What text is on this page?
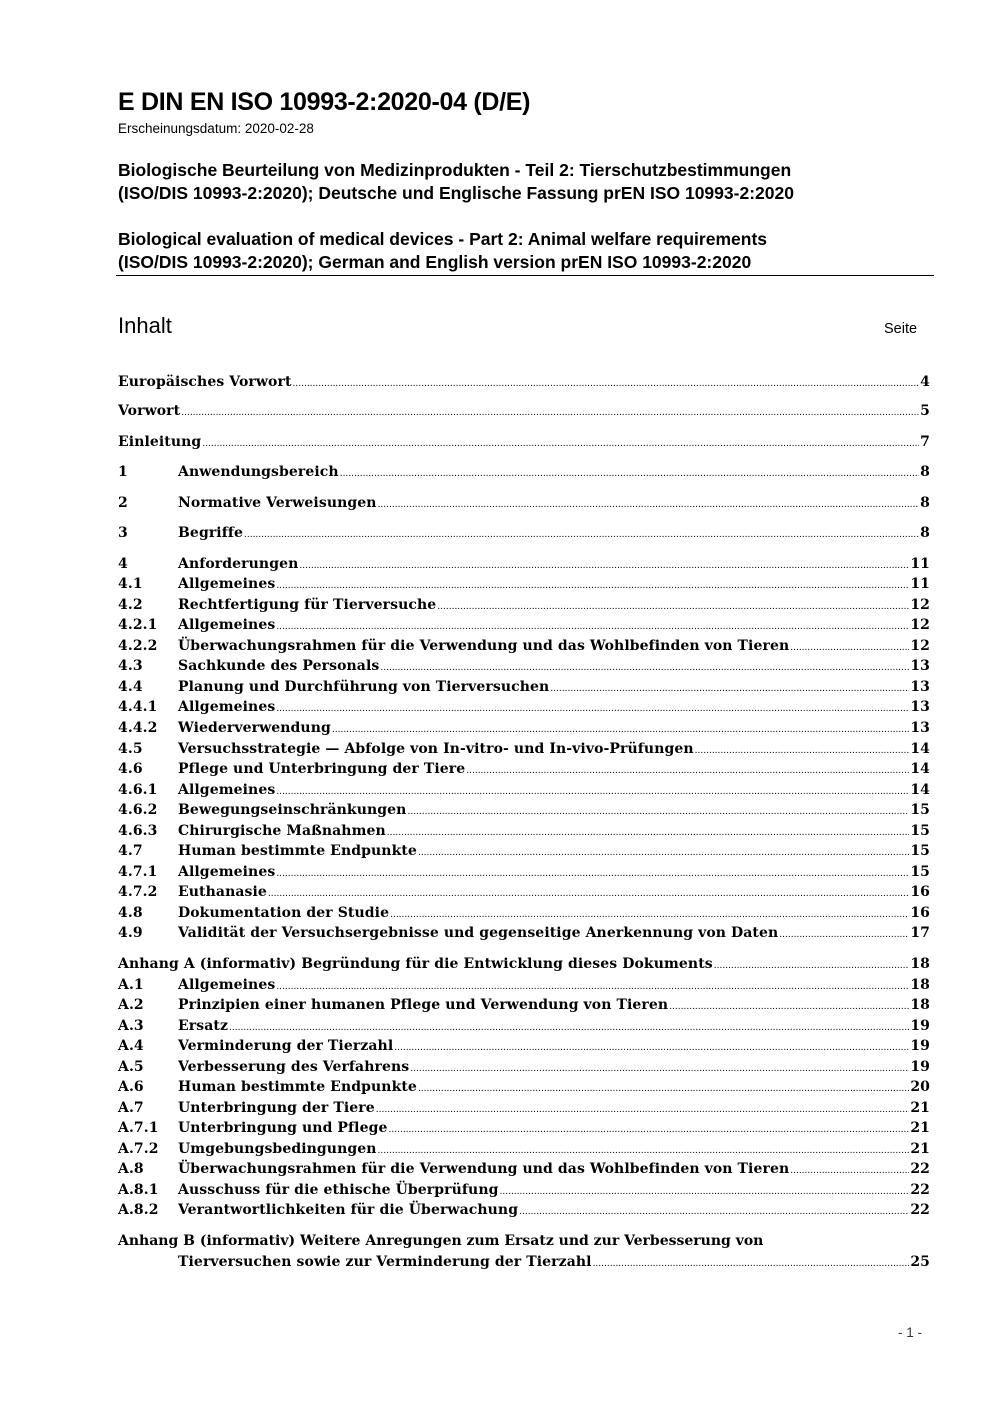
E DIN EN ISO 10993-2:2020-04 (D/E)
Erscheinungsdatum: 2020-02-28
Biologische Beurteilung von Medizinprodukten - Teil 2: Tierschutzbestimmungen
(ISO/DIS 10993-2:2020); Deutsche und Englische Fassung prEN ISO 10993-2:2020
Biological evaluation of medical devices - Part 2: Animal welfare requirements
(ISO/DIS 10993-2:2020); German and English version prEN ISO 10993-2:2020
Inhalt	Seite
Europäisches Vorwort .....	4
Vorwort .....	5
Einleitung .....	7
1	Anwendungsbereich .....	8
2	Normative Verweisungen .....	8
3	Begriffe .....	8
4	Anforderungen .....	11
4.1	Allgemeines .....	11
4.2	Rechtfertigung für Tierversuche .....	12
4.2.1	Allgemeines .....	12
4.2.2	Überwachungsrahmen für die Verwendung und das Wohlbefinden von Tieren .....	12
4.3	Sachkunde des Personals .....	13
4.4	Planung und Durchführung von Tierversuchen .....	13
4.4.1	Allgemeines .....	13
4.4.2	Wiederverwendung .....	13
4.5	Versuchsstrategie — Abfolge von In-vitro- und In-vivo-Prüfungen .....	14
4.6	Pflege und Unterbringung der Tiere .....	14
4.6.1	Allgemeines .....	14
4.6.2	Bewegungseinschränkungen .....	15
4.6.3	Chirurgische Maßnahmen .....	15
4.7	Human bestimmte Endpunkte .....	15
4.7.1	Allgemeines .....	15
4.7.2	Euthanasie .....	16
4.8	Dokumentation der Studie .....	16
4.9	Validität der Versuchsergebnisse und gegenseitige Anerkennung von Daten .....	17
Anhang A (informativ) Begründung für die Entwicklung dieses Dokuments .....	18
A.1	Allgemeines .....	18
A.2	Prinzipien einer humanen Pflege und Verwendung von Tieren .....	18
A.3	Ersatz .....	19
A.4	Verminderung der Tierzahl .....	19
A.5	Verbesserung des Verfahrens .....	19
A.6	Human bestimmte Endpunkte .....	20
A.7	Unterbringung der Tiere .....	21
A.7.1	Unterbringung und Pflege .....	21
A.7.2	Umgebungsbedingungen .....	21
A.8	Überwachungsrahmen für die Verwendung und das Wohlbefinden von Tieren .....	22
A.8.1	Ausschuss für die ethische Überprüfung .....	22
A.8.2	Verantwortlichkeiten für die Überwachung .....	22
Anhang B (informativ) Weitere Anregungen zum Ersatz und zur Verbesserung von
Tierversuchen sowie zur Verminderung der Tierzahl .....	25
- 1 -
